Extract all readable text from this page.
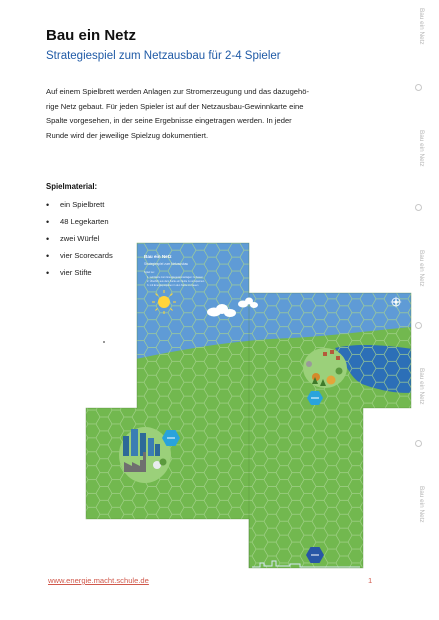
Bau ein Netz
Strategiespiel zum Netzausbau für 2-4 Spieler
Auf einem Spielbrett werden Anlagen zur Stromerzeugung und das dazugehö-
rige Netz gebaut. Für jeden Spieler ist auf der Netzausbau-Gewinnkarte eine
Spalte vorgesehen, in der seine Ergebnisse eingetragen werden. In jeder
Runde wird der jeweilige Spielzug dokumentiert.
Spielmaterial:
•	ein Spielbrett
•	48 Legekarten
•	zwei Würfel
•	vier Scorecards
•	vier Stifte
Bau ein Netz
Bau ein Netz
Bau ein Netz
Bau ein Netz
Bau ein Netz
Bau ein Netz
Strategiespiel zum Netzausbau
Spiel so:
1. Lehrkarte zum Energiegewinnanlagen zu bauen
2. Überlich aus dem Karte ein Netze zu umspannen
3. mit Energieprojekten in den Netze zu bauen
www.energie.macht.schule.de	1
